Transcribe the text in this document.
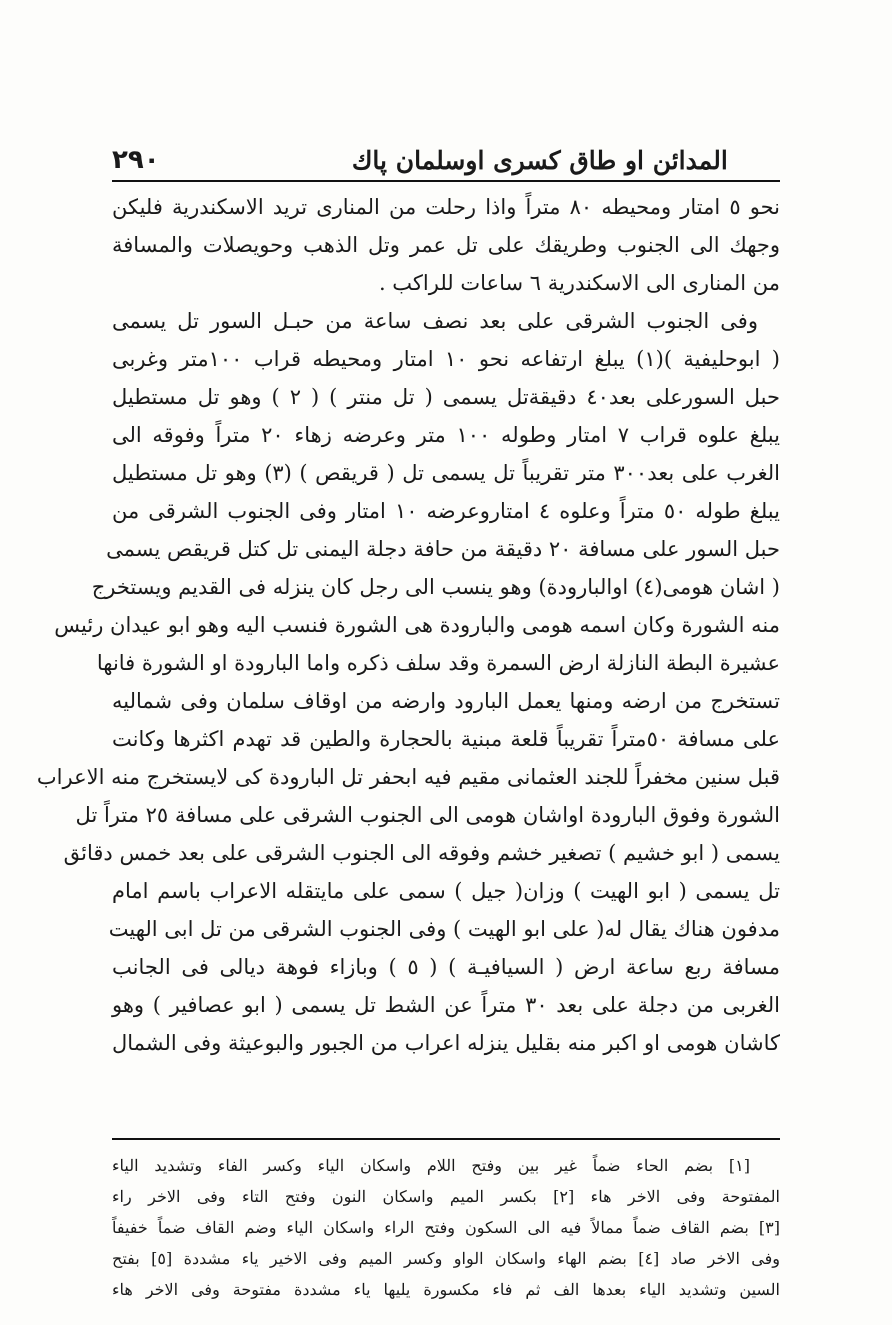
المدائن او طاق كسرى اوسلمان پاك
٢٩٠
نحو ٥ امتار ومحيطه ٨٠ متراً واذا رحلت من المنارى تريد الاسكندرية فليكن
وجهك الى الجنوب وطريقك على تل عمر وتل الذهب وحويصلات والمسافة
من المنارى الى الاسكندرية ٦ ساعات للراكب .
وفى الجنوب الشرقى على بعد نصف ساعة من حبـل السور تل يسمى
( ابوحليفية )(١) يبلغ ارتفاعه نحو ١٠ امتار ومحيطه قراب ١٠٠متر وغربى
حبل السورعلى بعد٤٠ دقيقةتل يسمى ( تل منتر ) ( ٢ ) وهو تل مستطيل
يبلغ علوه قراب ٧ امتار وطوله ١٠٠ متر وعرضه زهاء ٢٠ متراً وفوقه الى
الغرب على بعد٣٠٠ متر تقريباً تل يسمى تل ( قريقص ) (٣) وهو تل مستطيل
يبلغ طوله ٥٠ متراً وعلوه ٤ امتاروعرضه ١٠ امتار وفى الجنوب الشرقى من
حبل السور على مسافة ٢٠ دقيقة من حافة دجلة اليمنى تل كتل قريقص يسمى
( اشان هومى(٤) اوالبارودة) وهو ينسب الى رجل كان ينزله فى القديم ويستخرج
منه الشورة وكان اسمه هومى والبارودة هى الشورة فنسب اليه وهو ابو عيدان رئيس
عشيرة البطة النازلة ارض السمرة وقد سلف ذكره واما البارودة او الشورة فانها
تستخرج من ارضه ومنها يعمل البارود وارضه من اوقاف سلمان وفى شماليه
على مسافة ٥٠متراً تقريباً قلعة مبنية بالحجارة والطين قد تهدم اكثرها وكانت
قبل سنين مخفراً للجند العثمانى مقيم فيه ابحفر تل البارودة كى لايستخرج منه الاعراب
الشورة وفوق البارودة اواشان هومى الى الجنوب الشرقى على مسافة ٢٥ متراً تل
يسمى ( ابو خشيم ) تصغير خشم وفوقه الى الجنوب الشرقى على بعد خمس دقائق
تل يسمى ( ابو الهيت ) وزان( جيل ) سمى على مايتقله الاعراب باسم امام
مدفون هناك يقال له( على ابو الهيت ) وفى الجنوب الشرقى من تل ابى الهيت
مسافة ربع ساعة ارض ( السيافيـة ) ( ٥ ) وبازاء فوهة ديالى فى الجانب
الغربى من دجلة على بعد ٣٠ متراً عن الشط تل يسمى ( ابو عصافير ) وهو
كاشان هومى او اكبر منه بقليل ينزله اعراب من الجبور والبوعيثة وفى الشمال
[١] بضم الحاء ضماً غير بين وفتح اللام واسكان الياء وكسر الفاء وتشديد الياء
المفتوحة وفى الاخر هاء [٢] بكسر الميم واسكان النون وفتح التاء وفى الاخر راء
[٣] بضم القاف ضماً ممالاً فيه الى السكون وفتح الراء واسكان الياء وضم القاف ضماً خفيفاً
وفى الاخر صاد [٤] بضم الهاء واسكان الواو وكسر الميم وفى الاخير ياء مشددة [٥] بفتح
السين وتشديد الياء بعدها الف ثم فاء مكسورة يليها ياء مشددة مفتوحة وفى الاخر هاء
